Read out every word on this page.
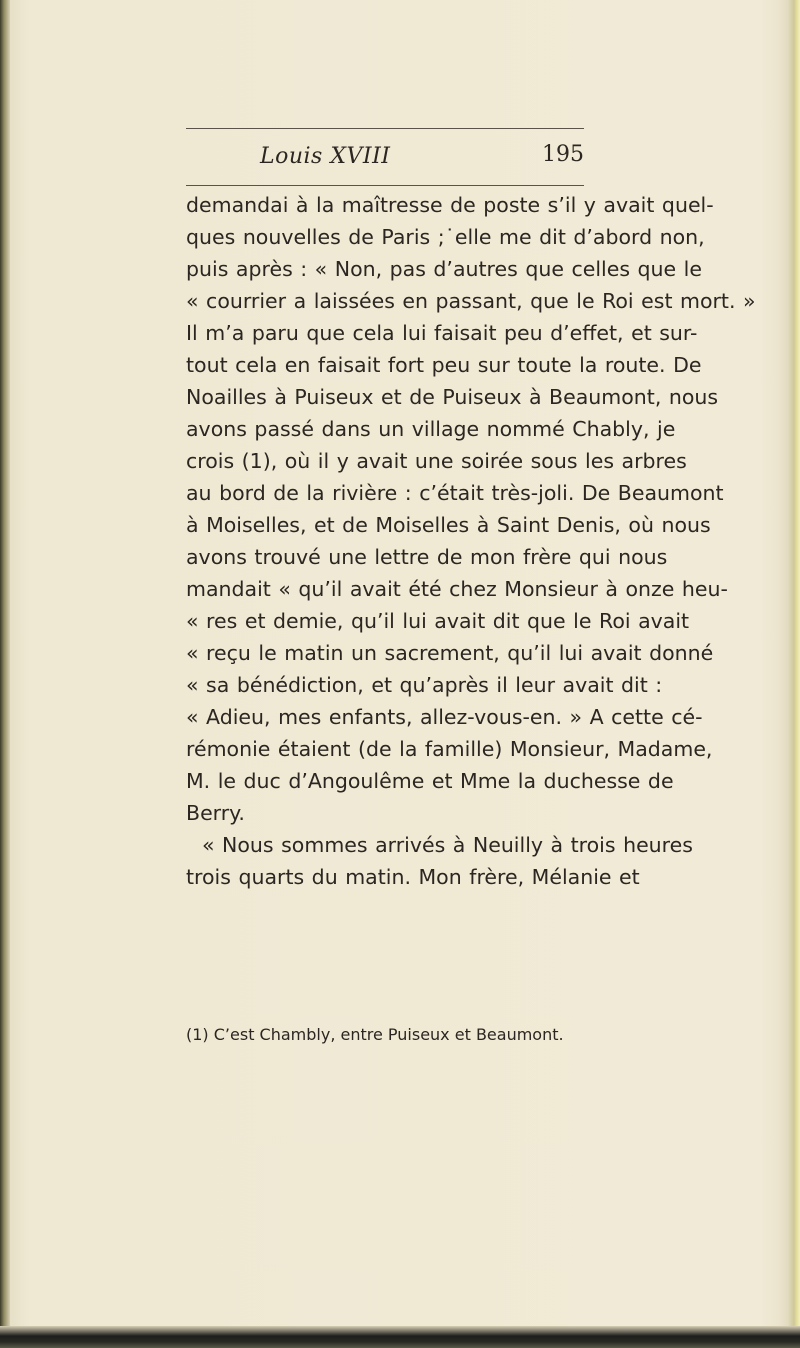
Louis XVIII	195
demandai à la maîtresse de poste s’il y avait quel-
ques nouvelles de Paris ;˙elle me dit d’abord non,
puis après : « Non, pas d’autres que celles que le
« courrier a laissées en passant, que le Roi est mort. »
Il m’a paru que cela lui faisait peu d’effet, et sur-
tout cela en faisait fort peu sur toute la route. De
Noailles à Puiseux et de Puiseux à Beaumont, nous
avons passé dans un village nommé Chably, je
crois (1), où il y avait une soirée sous les arbres
au bord de la rivière : c’était très-joli. De Beaumont
à Moiselles, et de Moiselles à Saint Denis, où nous
avons trouvé une lettre de mon frère qui nous
mandait « qu’il avait été chez Monsieur à onze heu-
« res et demie, qu’il lui avait dit que le Roi avait
« reçu le matin un sacrement, qu’il lui avait donné
« sa bénédiction, et qu’après il leur avait dit :
« Adieu, mes enfants, allez-vous-en. » A cette cé-
rémonie étaient (de la famille) Monsieur, Madame,
M. le duc d’Angoulême et Mme la duchesse de
Berry.
« Nous sommes arrivés à Neuilly à trois heures
trois quarts du matin. Mon frère, Mélanie et
(1) C’est Chambly, entre Puiseux et Beaumont.
